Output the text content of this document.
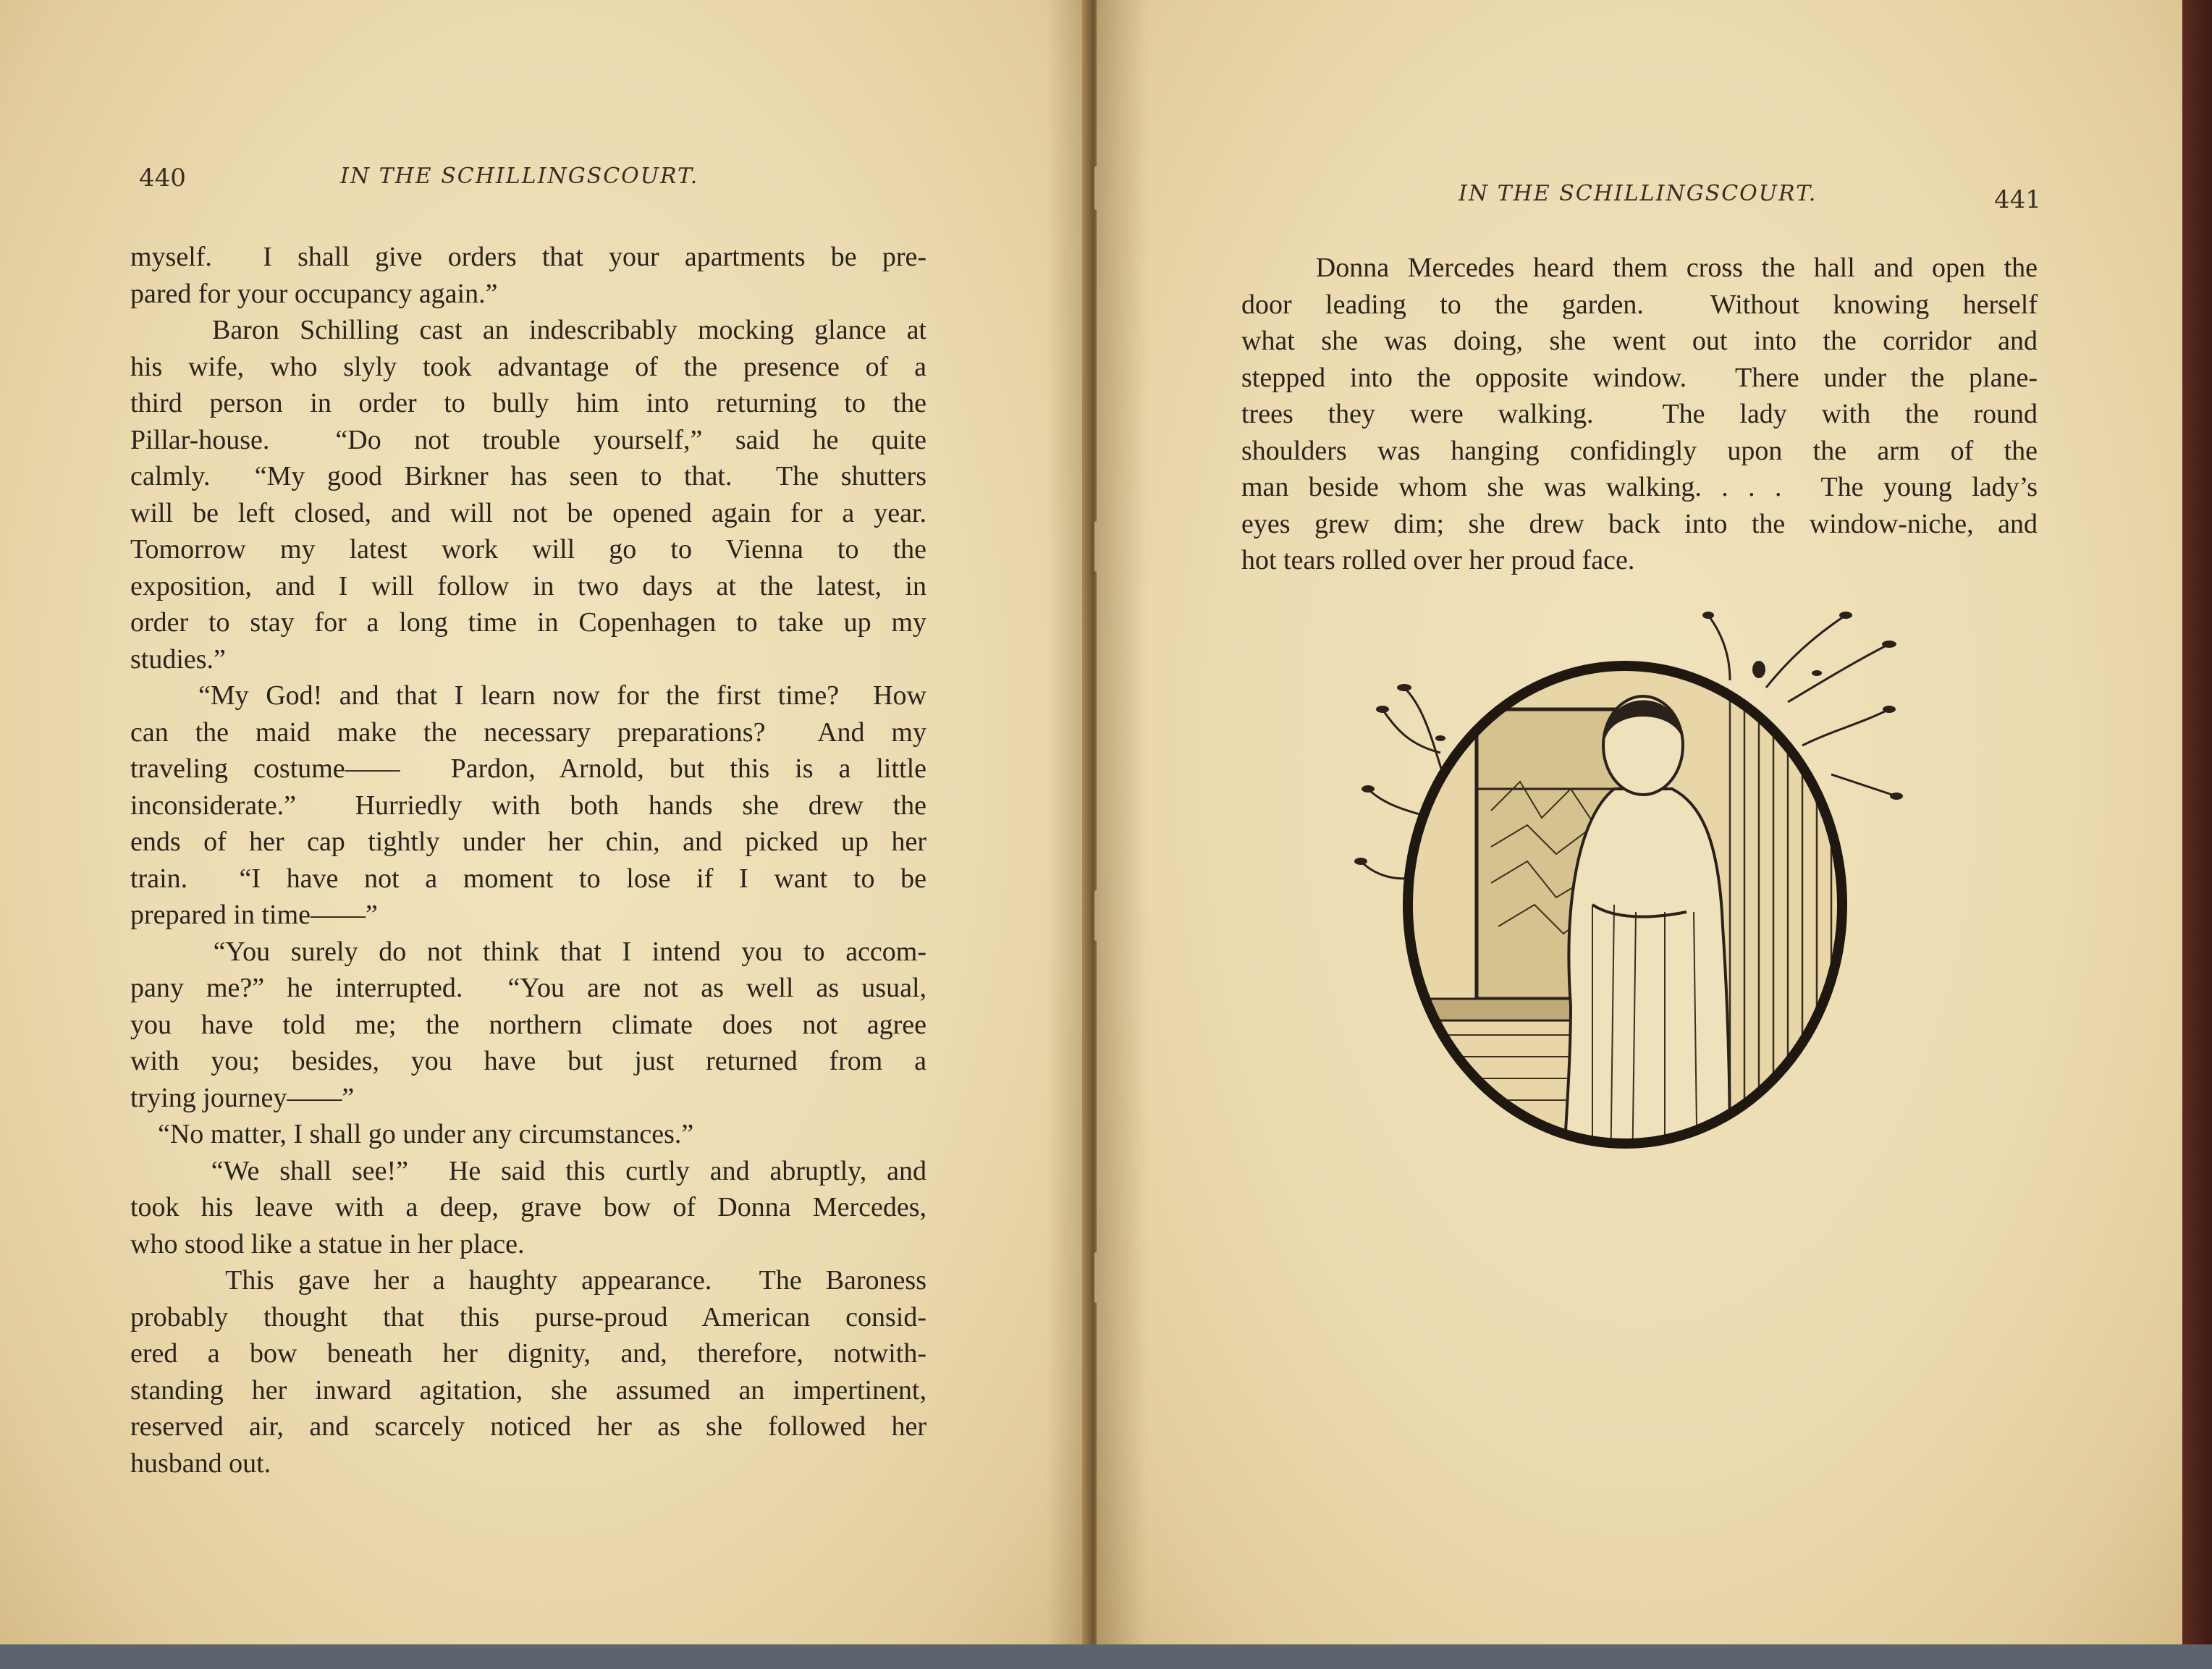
440	IN THE SCHILLINGSCOURT.
myself.  I shall give orders that your apartments be pre-
pared for your occupancy again.”
Baron Schilling cast an indescribably mocking glance at
his wife, who slyly took advantage of the presence of a
third person in order to bully him into returning to the
Pillar-house.  “Do not trouble yourself,” said he quite
calmly.  “My good Birkner has seen to that.  The shutters
will be left closed, and will not be opened again for a year.
Tomorrow my latest work will go to Vienna to the
exposition, and I will follow in two days at the latest, in
order to stay for a long time in Copenhagen to take up my
studies.”
“My God! and that I learn now for the first time?  How
can the maid make the necessary preparations?  And my
traveling costume——  Pardon, Arnold, but this is a little
inconsiderate.”  Hurriedly with both hands she drew the
ends of her cap tightly under her chin, and picked up her
train.  “I have not a moment to lose if I want to be
prepared in time——”
“You surely do not think that I intend you to accom-
pany me?” he interrupted.  “You are not as well as usual,
you have told me; the northern climate does not agree
with you; besides, you have but just returned from a
trying journey——”
“No matter, I shall go under any circumstances.”
“We shall see!”  He said this curtly and abruptly, and
took his leave with a deep, grave bow of Donna Mercedes,
who stood like a statue in her place.
This gave her a haughty appearance.  The Baroness
probably thought that this purse-proud American consid-
ered a bow beneath her dignity, and, therefore, notwith-
standing her inward agitation, she assumed an impertinent,
reserved air, and scarcely noticed her as she followed her
husband out.
IN THE SCHILLINGSCOURT.	441
Donna Mercedes heard them cross the hall and open the
door leading to the garden.  Without knowing herself
what she was doing, she went out into the corridor and
stepped into the opposite window.  There under the plane-
trees they were walking.  The lady with the round
shoulders was hanging confidingly upon the arm of the
man beside whom she was walking. . . .  The young lady’s
eyes grew dim; she drew back into the window-niche, and
hot tears rolled over her proud face.
